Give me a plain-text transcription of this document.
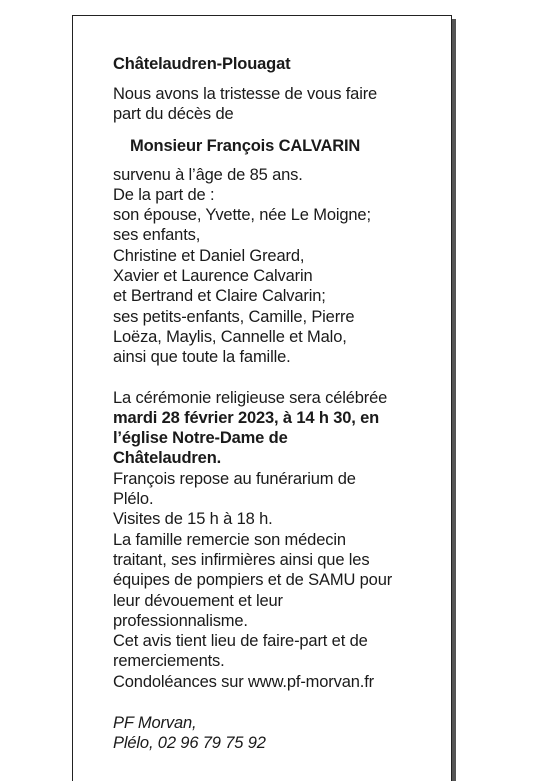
Châtelaudren-Plouagat
Nous avons la tristesse de vous faire
part du décès de
Monsieur François CALVARIN
survenu à l’âge de 85 ans.
De la part de :
son épouse, Yvette, née Le Moigne;
ses enfants,
Christine et Daniel Greard,
Xavier et Laurence Calvarin
et Bertrand et Claire Calvarin;
ses petits-enfants, Camille, Pierre
Loëza, Maylis, Cannelle et Malo,
ainsi que toute la famille.
La cérémonie religieuse sera célébrée
mardi 28 février 2023, à 14 h 30, en
l’église Notre-Dame de
Châtelaudren.
François repose au funérarium de
Plélo.
Visites de 15 h à 18 h.
La famille remercie son médecin
traitant, ses infirmières ainsi que les
équipes de pompiers et de SAMU pour
leur dévouement et leur
professionnalisme.
Cet avis tient lieu de faire-part et de
remerciements.
Condoléances sur www.pf-morvan.fr
PF Morvan,
Plélo, 02 96 79 75 92
